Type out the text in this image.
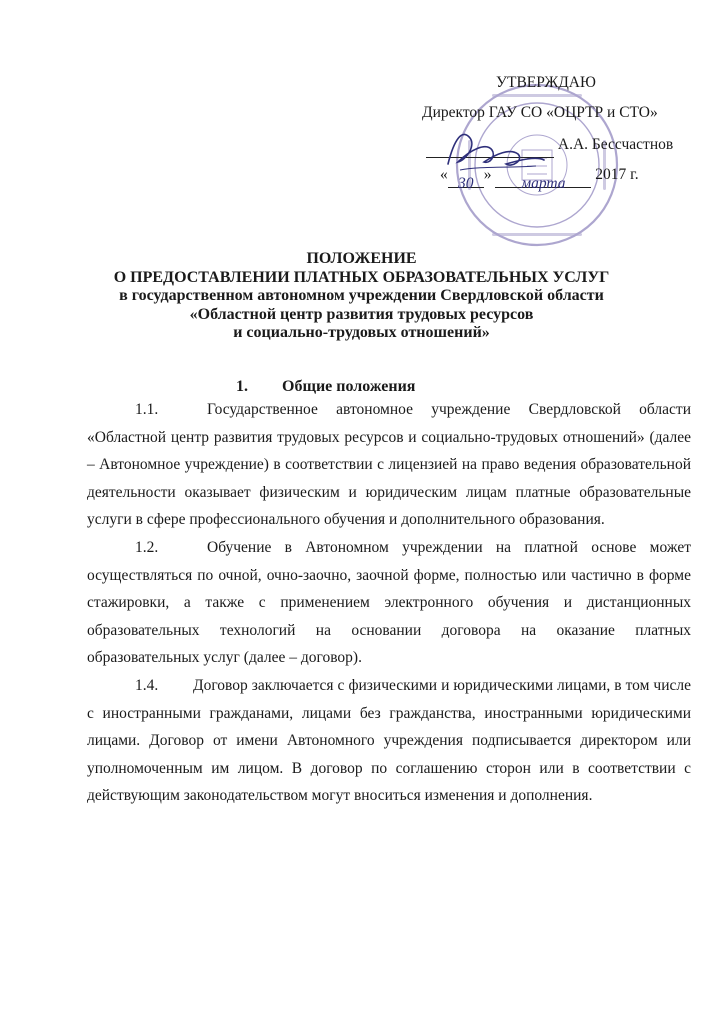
УТВЕРЖДАЮ
Директор ГАУ СО «ОЦРТР и СТО»
А.А. Бессчастнов
«30» марта 2017 г.
ПОЛОЖЕНИЕ
О ПРЕДОСТАВЛЕНИИ ПЛАТНЫХ ОБРАЗОВАТЕЛЬНЫХ УСЛУГ
в государственном автономном учреждении Свердловской области
«Областной центр развития трудовых ресурсов
и социально-трудовых отношений»
1. Общие положения

1.1.	Государственное автономное учреждение Свердловской области «Областной центр развития трудовых ресурсов и социально-трудовых отношений» (далее – Автономное учреждение) в соответствии с лицензией на право ведения образовательной деятельности оказывает физическим и юридическим лицам платные образовательные услуги в сфере профессионального обучения и дополнительного образования.

1.2.	Обучение в Автономном учреждении на платной основе может осуществляться по очной, очно-заочно, заочной форме, полностью или частично в форме стажировки, а также с применением электронного обучения и дистанционных образовательных технологий на основании договора на оказание платных образовательных услуг (далее – договор).

1.4. Договор заключается с физическими и юридическими лицами, в том числе с иностранными гражданами, лицами без гражданства, иностранными юридическими лицами. Договор от имени Автономного учреждения подписывается директором или уполномоченным им лицом. В договор по соглашению сторон или в соответствии с действующим законодательством могут вноситься изменения и дополнения.
